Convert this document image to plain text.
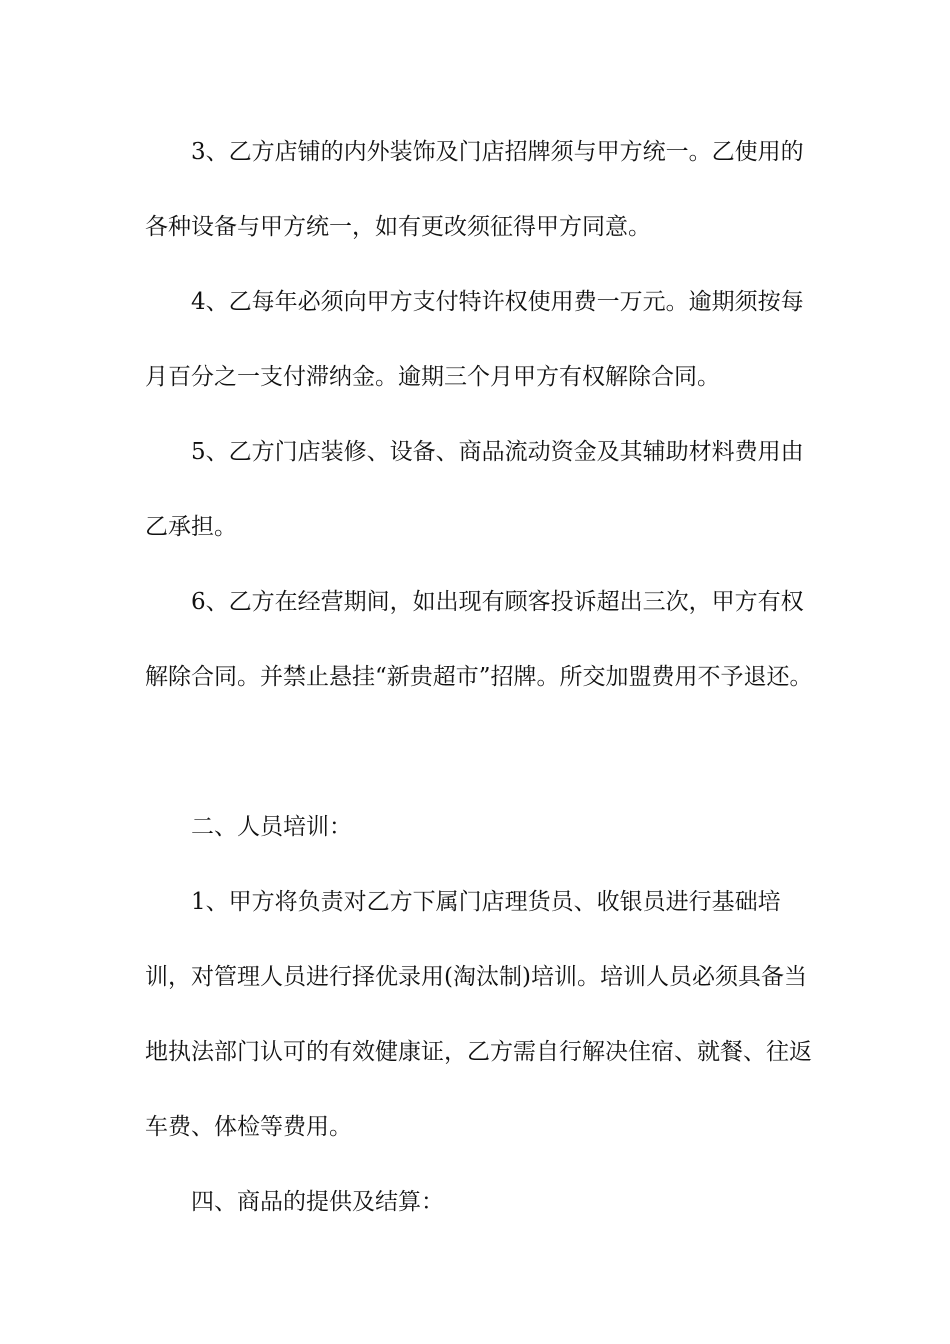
3、乙方店铺的内外装饰及门店招牌须与甲方统一。乙使用的各种设备与甲方统一，如有更改须征得甲方同意。

4、乙每年必须向甲方支付特许权使用费一万元。逾期须按每月百分之一支付滞纳金。逾期三个月甲方有权解除合同。

5、乙方门店装修、设备、商品流动资金及其辅助材料费用由乙承担。

6、乙方在经营期间，如出现有顾客投诉超出三次，甲方有权解除合同。并禁止悬挂“新贵超市”招牌。所交加盟费用不予退还。

二、人员培训：

1、甲方将负责对乙方下属门店理货员、收银员进行基础培训，对管理人员进行择优录用(淘汰制)培训。培训人员必须具备当地执法部门认可的有效健康证，乙方需自行解决住宿、就餐、往返车费、体检等费用。

四、商品的提供及结算：
